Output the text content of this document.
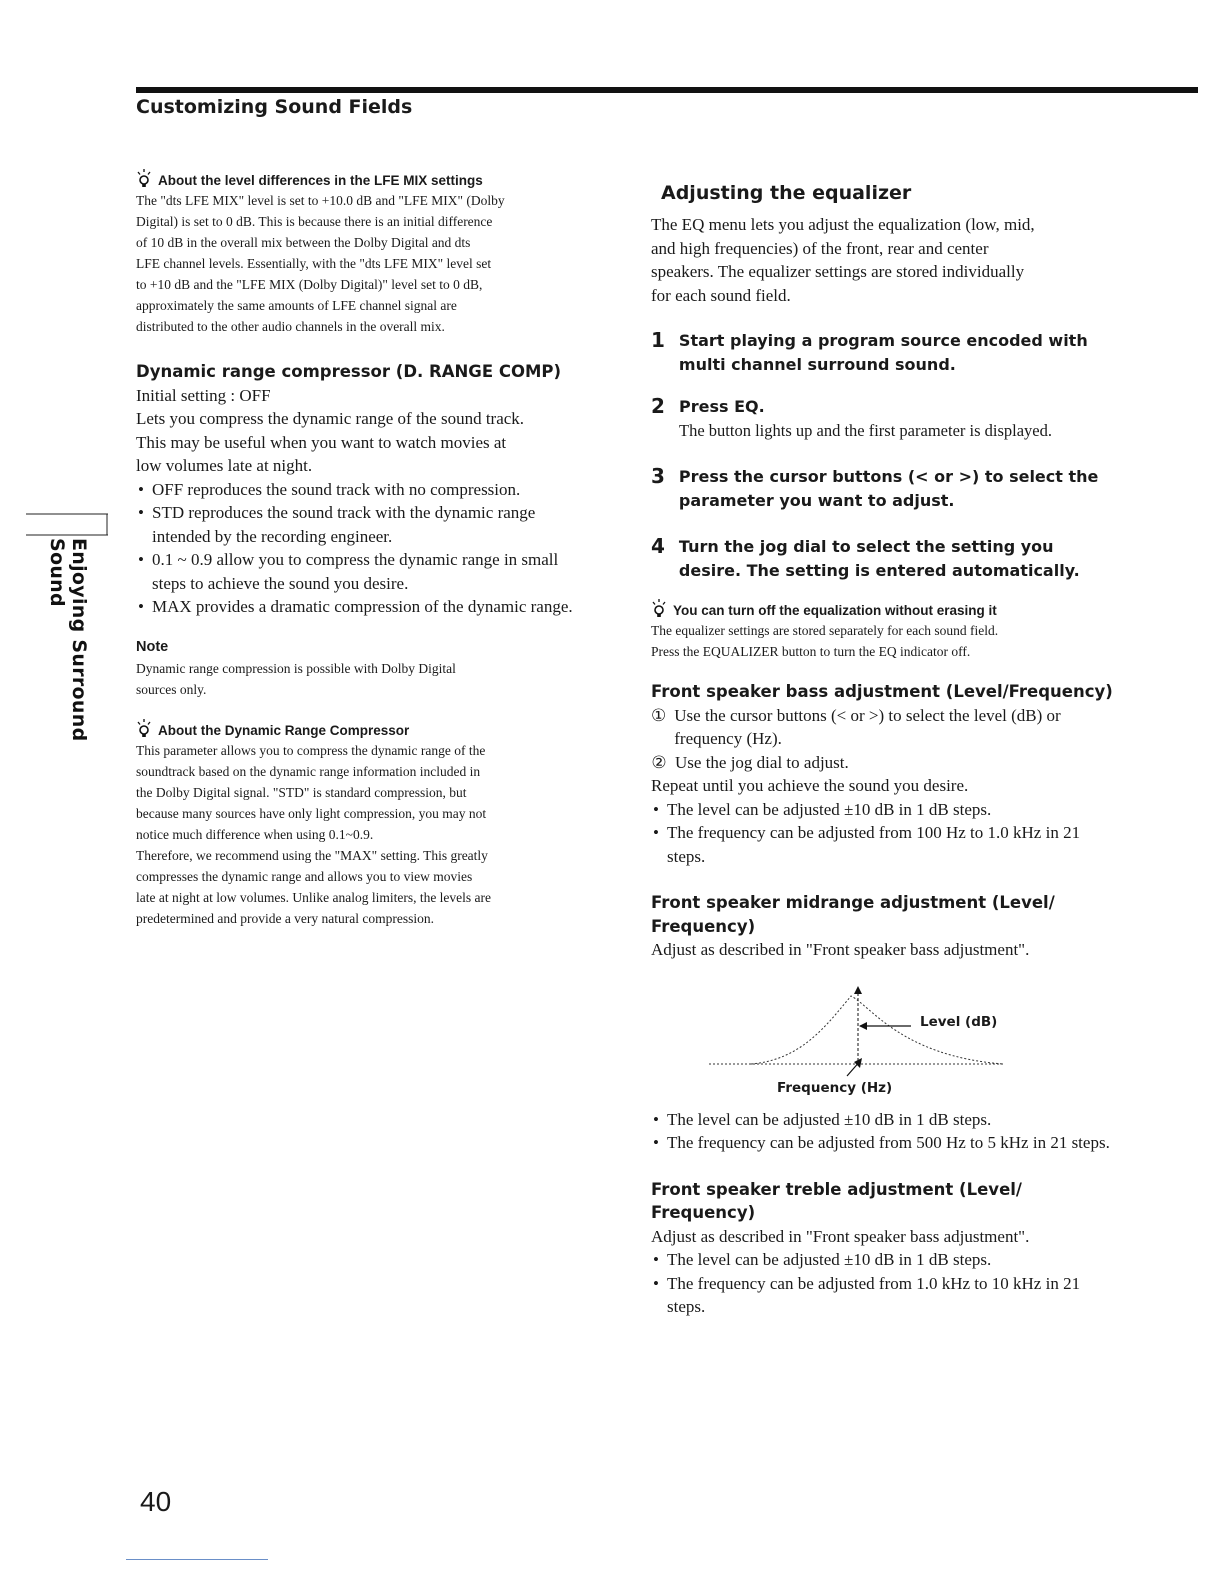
Customizing Sound Fields
Enjoying Surround Sound
About the level differences in the LFE MIX settings
The "dts LFE MIX" level is set to +10.0 dB and "LFE MIX" (Dolby
Digital) is set to 0 dB. This is because there is an initial difference
of 10 dB in the overall mix between the Dolby Digital and dts
LFE channel levels. Essentially, with the "dts LFE MIX" level set
to +10 dB and the "LFE MIX (Dolby Digital)" level set to 0 dB,
approximately the same amounts of LFE channel signal are
distributed to the other audio channels in the overall mix.
Dynamic range compressor (D. RANGE COMP)
Initial setting : OFF
Lets you compress the dynamic range of the sound track.
This may be useful when you want to watch movies at
low volumes late at night.
• OFF reproduces the sound track with no compression.
• STD reproduces the sound track with the dynamic range intended by the recording engineer.
• 0.1 ~ 0.9 allow you to compress the dynamic range in small steps to achieve the sound you desire.
• MAX provides a dramatic compression of the dynamic range.
Note
Dynamic range compression is possible with Dolby Digital
sources only.
About the Dynamic Range Compressor
This parameter allows you to compress the dynamic range of the
soundtrack based on the dynamic range information included in
the Dolby Digital signal. "STD" is standard compression, but
because many sources have only light compression, you may not
notice much difference when using 0.1~0.9.
Therefore, we recommend using the "MAX" setting. This greatly
compresses the dynamic range and allows you to view movies
late at night at low volumes. Unlike analog limiters, the levels are
predetermined and provide a very natural compression.
Adjusting the equalizer
The EQ menu lets you adjust the equalization (low, mid,
and high frequencies) of the front, rear and center
speakers. The equalizer settings are stored individually
for each sound field.
1 Start playing a program source encoded with multi channel surround sound.
2 Press EQ.
The button lights up and the first parameter is displayed.
3 Press the cursor buttons (< or >) to select the parameter you want to adjust.
4 Turn the jog dial to select the setting you desire. The setting is entered automatically.
You can turn off the equalization without erasing it
The equalizer settings are stored separately for each sound field.
Press the EQUALIZER button to turn the EQ indicator off.
Front speaker bass adjustment (Level/Frequency)
① Use the cursor buttons (< or >) to select the level (dB) or frequency (Hz).
② Use the jog dial to adjust.
Repeat until you achieve the sound you desire.
• The level can be adjusted ±10 dB in 1 dB steps.
• The frequency can be adjusted from 100 Hz to 1.0 kHz in 21 steps.
Front speaker midrange adjustment (Level/ Frequency)
Adjust as described in "Front speaker bass adjustment".
Level (dB)
Frequency (Hz)
• The level can be adjusted ±10 dB in 1 dB steps.
• The frequency can be adjusted from 500 Hz to 5 kHz in 21 steps.
Front speaker treble adjustment (Level/ Frequency)
Adjust as described in "Front speaker bass adjustment".
• The level can be adjusted ±10 dB in 1 dB steps.
• The frequency can be adjusted from 1.0 kHz to 10 kHz in 21 steps.
40
